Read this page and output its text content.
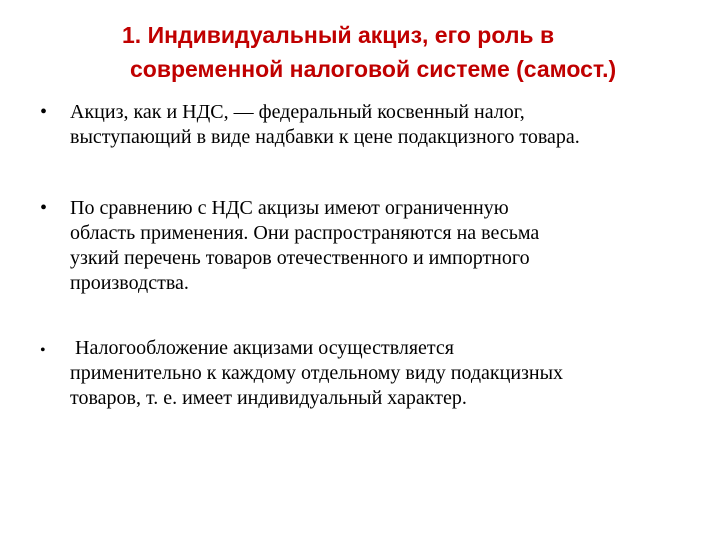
1. Индивидуальный акциз, его роль в
современной налоговой системе (самост.)
•	Акциз, как и НДС, — федеральный косвенный налог,
выступающий в виде надбавки к цене подакцизного товара.
•	По сравнению с НДС акцизы имеют ограниченную
область применения. Они распространяются на весьма
узкий перечень товаров отечественного и импортного
производства.
•	Налогообложение акцизами осуществляется
применительно к каждому отдельному виду подакцизных
товаров, т. е. имеет индивидуальный характер.
